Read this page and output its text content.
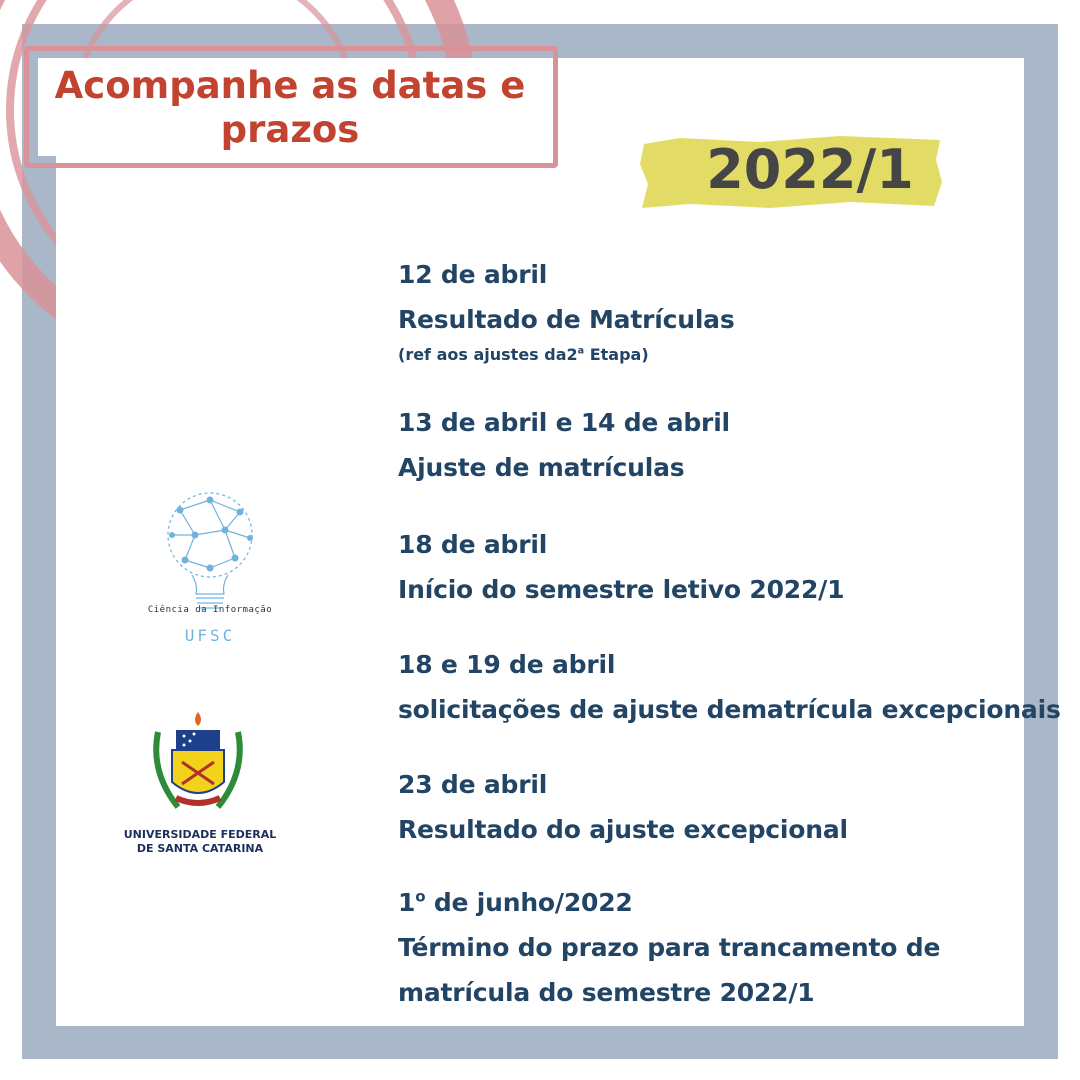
Acompanhe as datas e
prazos
2022/1
12 de abril
Resultado de Matrículas
(ref aos ajustes da2$^a$ Etapa)
13 de abril e 14 de abril
Ajuste de matrículas
18 de abril
Início do semestre letivo 2022/1
18 e 19 de abril
solicitações de ajuste dematrícula excepcionais
23 de abril
Resultado do ajuste excepcional
1$^o$ de junho/2022
Término do prazo para trancamento de
matrícula do semestre 2022/1
Ciência da Informação
UFSC
UNIVERSIDADE FEDERAL
DE SANTA CATARINA
